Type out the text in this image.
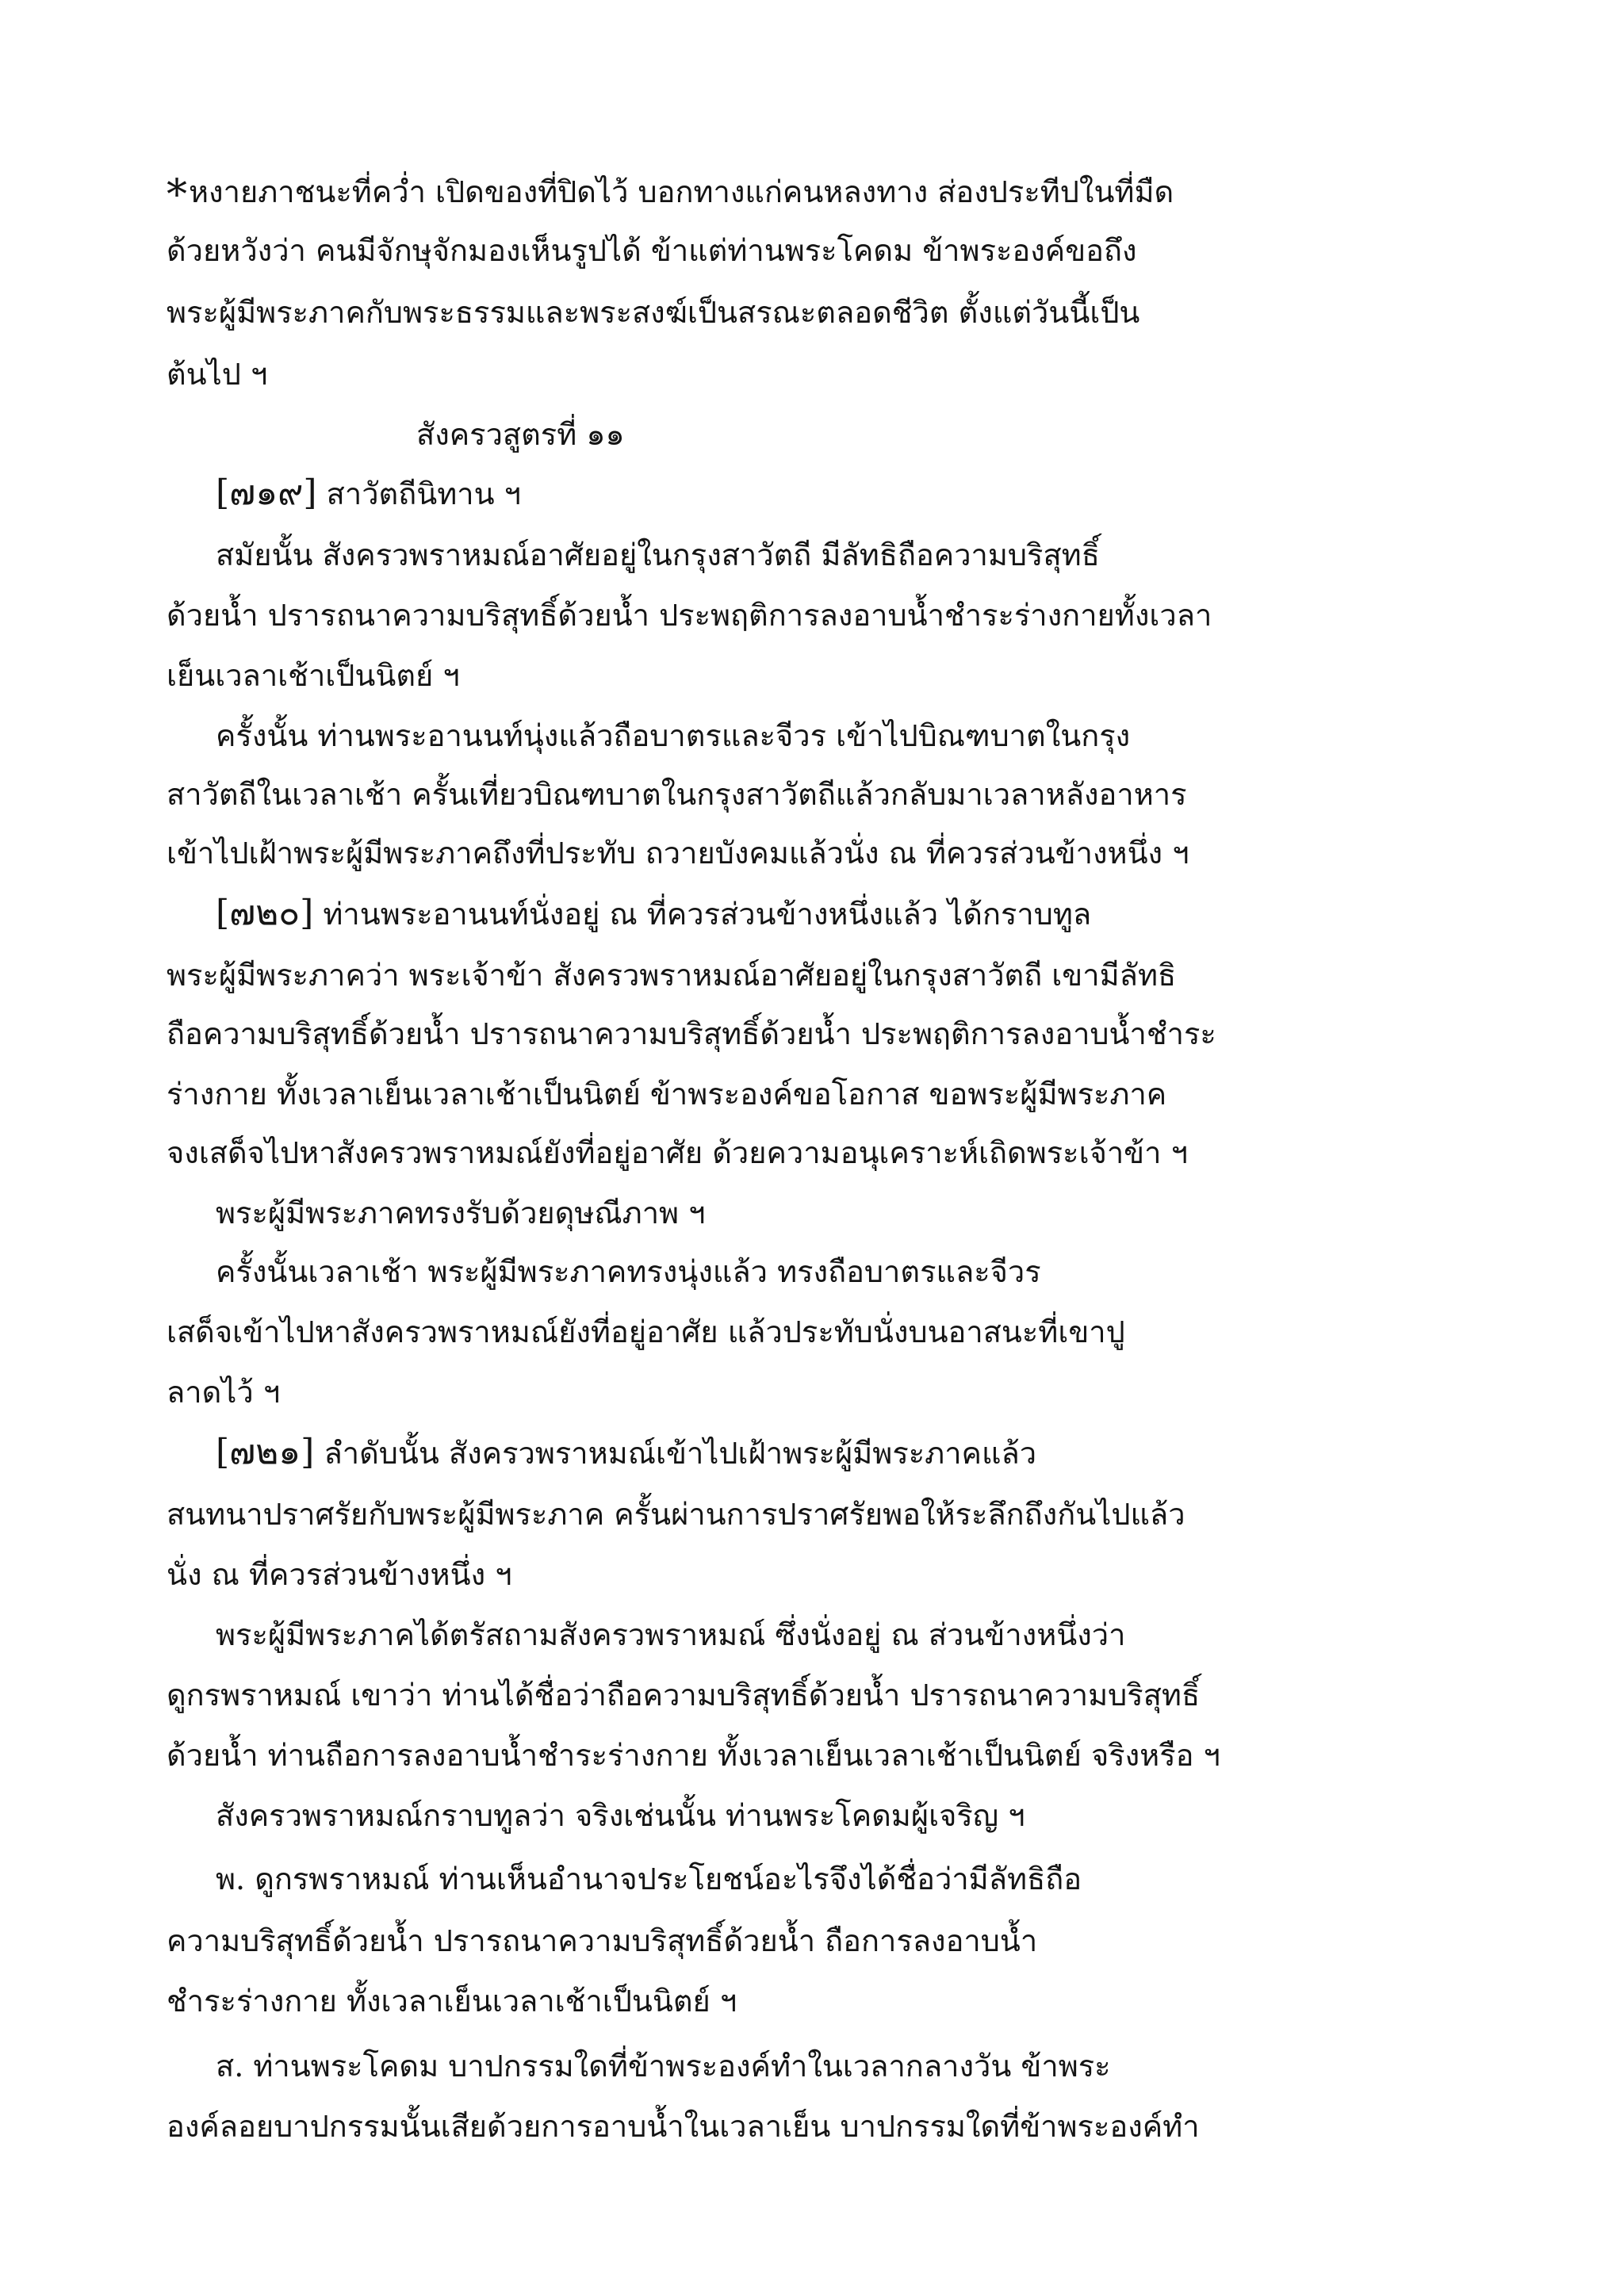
*หงายภาชนะที่คว่ำ เปิดของที่ปิดไว้ บอกทางแก่คนหลงทาง ส่องประทีปในที่มืด

ด้วยหวังว่า คนมีจักษุจักมองเห็นรูปได้ ข้าแต่ท่านพระโคดม ข้าพระองค์ขอถึง

พระผู้มีพระภาคกับพระธรรมและพระสงฆ์เป็นสรณะตลอดชีวิต ตั้งแต่วันนี้เป็น

ต้นไป ฯ

สังครวสูตรที่ ๑๑

[๗๑๙] สาวัตถีนิทาน ฯ

สมัยนั้น สังครวพราหมณ์อาศัยอยู่ในกรุงสาวัตถี มีลัทธิถือความบริสุทธิ์

ด้วยน้ำ ปรารถนาความบริสุทธิ์ด้วยน้ำ ประพฤติการลงอาบน้ำชำระร่างกายทั้งเวลา

เย็นเวลาเช้าเป็นนิตย์ ฯ

ครั้งนั้น ท่านพระอานนท์นุ่งแล้วถือบาตรและจีวร เข้าไปบิณฑบาตในกรุง

สาวัตถีในเวลาเช้า ครั้นเที่ยวบิณฑบาตในกรุงสาวัตถีแล้วกลับมาเวลาหลังอาหาร

เข้าไปเฝ้าพระผู้มีพระภาคถึงที่ประทับ ถวายบังคมแล้วนั่ง ณ ที่ควรส่วนข้างหนึ่ง ฯ

[๗๒๐] ท่านพระอานนท์นั่งอยู่ ณ ที่ควรส่วนข้างหนึ่งแล้ว ได้กราบทูล

พระผู้มีพระภาคว่า พระเจ้าข้า สังครวพราหมณ์อาศัยอยู่ในกรุงสาวัตถี เขามีลัทธิ

ถือความบริสุทธิ์ด้วยน้ำ ปรารถนาความบริสุทธิ์ด้วยน้ำ ประพฤติการลงอาบน้ำชำระ

ร่างกาย ทั้งเวลาเย็นเวลาเช้าเป็นนิตย์ ข้าพระองค์ขอโอกาส ขอพระผู้มีพระภาค

จงเสด็จไปหาสังครวพราหมณ์ยังที่อยู่อาศัย ด้วยความอนุเคราะห์เถิดพระเจ้าข้า ฯ

พระผู้มีพระภาคทรงรับด้วยดุษณีภาพ ฯ

ครั้งนั้นเวลาเช้า พระผู้มีพระภาคทรงนุ่งแล้ว ทรงถือบาตรและจีวร

เสด็จเข้าไปหาสังครวพราหมณ์ยังที่อยู่อาศัย แล้วประทับนั่งบนอาสนะที่เขาปู

ลาดไว้ ฯ

[๗๒๑] ลำดับนั้น สังครวพราหมณ์เข้าไปเฝ้าพระผู้มีพระภาคแล้ว

สนทนาปราศรัยกับพระผู้มีพระภาค ครั้นผ่านการปราศรัยพอให้ระลึกถึงกันไปแล้ว

นั่ง ณ ที่ควรส่วนข้างหนึ่ง ฯ

พระผู้มีพระภาคได้ตรัสถามสังครวพราหมณ์ ซึ่งนั่งอยู่ ณ ส่วนข้างหนึ่งว่า

ดูกรพราหมณ์ เขาว่า ท่านได้ชื่อว่าถือความบริสุทธิ์ด้วยน้ำ ปรารถนาความบริสุทธิ์

ด้วยน้ำ ท่านถือการลงอาบน้ำชำระร่างกาย ทั้งเวลาเย็นเวลาเช้าเป็นนิตย์ จริงหรือ ฯ

สังครวพราหมณ์กราบทูลว่า จริงเช่นนั้น ท่านพระโคดมผู้เจริญ ฯ

พ. ดูกรพราหมณ์ ท่านเห็นอำนาจประโยชน์อะไรจึงได้ชื่อว่ามีลัทธิถือ

ความบริสุทธิ์ด้วยน้ำ ปรารถนาความบริสุทธิ์ด้วยน้ำ ถือการลงอาบน้ำ

ชำระร่างกาย ทั้งเวลาเย็นเวลาเช้าเป็นนิตย์ ฯ

ส. ท่านพระโคดม บาปกรรมใดที่ข้าพระองค์ทำในเวลากลางวัน ข้าพระ

องค์ลอยบาปกรรมนั้นเสียด้วยการอาบน้ำในเวลาเย็น บาปกรรมใดที่ข้าพระองค์ทำ
